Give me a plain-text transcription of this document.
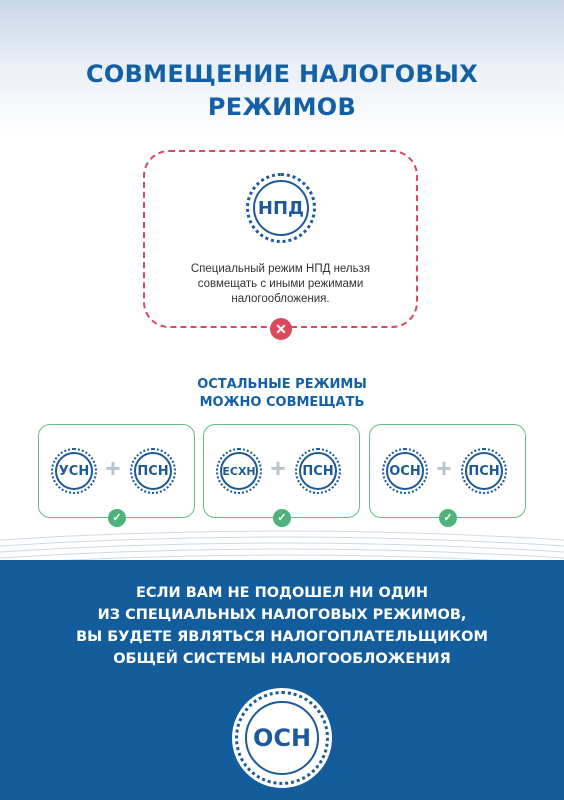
СОВМЕЩЕНИЕ НАЛОГОВЫХ
РЕЖИМОВ
НПД
Специальный режим НПД нельзя
совмещать с иными режимами
налогообложения.
✕
ОСТАЛЬНЫЕ РЕЖИМЫ
МОЖНО СОВМЕЩАТЬ
УСН + ПСН
✓
ЕСХН + ПСН
✓
ОСН + ПСН
✓
ЕСЛИ ВАМ НЕ ПОДОШЕЛ НИ ОДИН
ИЗ СПЕЦИАЛЬНЫХ НАЛОГОВЫХ РЕЖИМОВ,
ВЫ БУДЕТЕ ЯВЛЯТЬСЯ НАЛОГОПЛАТЕЛЬЩИКОМ
ОБЩЕЙ СИСТЕМЫ НАЛОГООБЛОЖЕНИЯ
ОСН
